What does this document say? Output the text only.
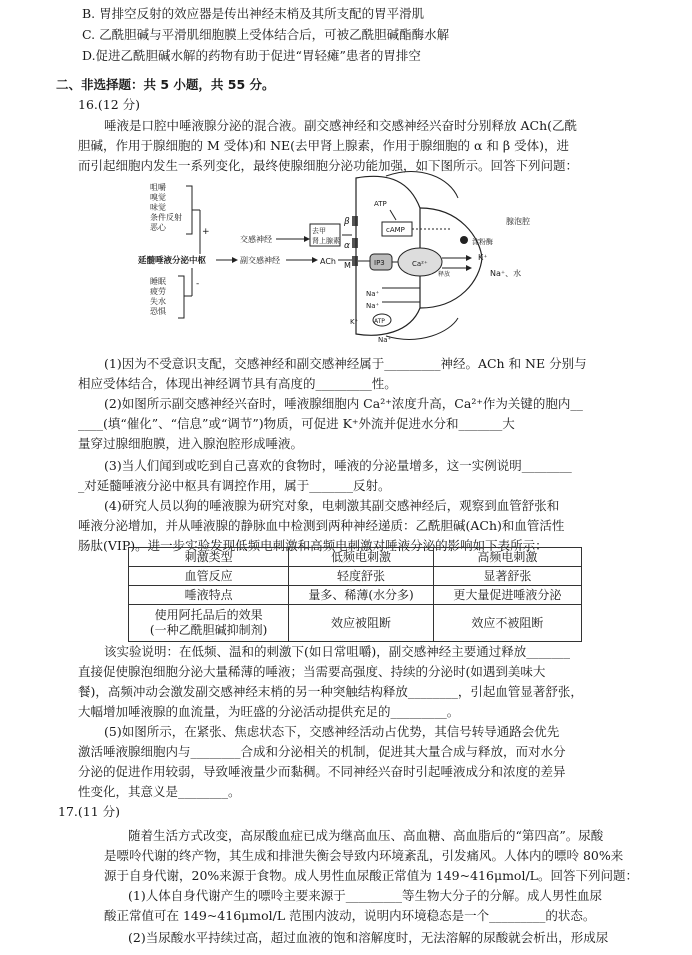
B. 胃排空反射的效应器是传出神经末梢及其所支配的胃平滑肌
C. 乙酰胆碱与平滑肌细胞膜上受体结合后，可被乙酰胆碱酯酶水解
D.促进乙酰胆碱水解的药物有助于促进“胃轻瘫”患者的胃排空
二、非选择题：共 5 小题，共 55 分。
16.(12 分)
唾液是口腔中唾液腺分泌的混合液。副交感神经和交感神经兴奋时分别释放 ACh(乙酰
胆碱，作用于腺细胞的 M 受体)和 NE(去甲肾上腺素，作用于腺细胞的 α 和 β 受体)，进
而引起细胞内发生一系列变化，最终使腺细胞分泌功能加强，如下图所示。回答下列问题：
咀嚼
嗅觉
味觉
条件反射
恶心	+
延髓唾液分泌中枢
睡眠
疲劳
失水
恐惧
-
交感神经
副交感神经
去甲
肾上腺素
ACh
β
α
M
ATP
cAMP
IP3	Ca²⁺
释放
腺泡腔
淀粉酶
K⁺
Na⁺、水
Na⁺
Na⁺
K⁺	ATP
Na⁺
(1)因为不受意识支配，交感神经和副交感神经属于_________神经。ACh 和 NE 分别与
相应受体结合，体现出神经调节具有高度的_________性。
(2)如图所示副交感神经兴奋时，唾液腺细胞内 Ca²⁺浓度升高，Ca²⁺作为关键的胞内__
____(填“催化”、“信息”或“调节”)物质，可促进 K⁺外流并促进水分和_______大
量穿过腺细胞膜，进入腺泡腔形成唾液。
(3)当人们闻到或吃到自己喜欢的食物时，唾液的分泌量增多，这一实例说明________
_对延髓唾液分泌中枢具有调控作用，属于_______反射。
(4)研究人员以狗的唾液腺为研究对象，电刺激其副交感神经后，观察到血管舒张和
唾液分泌增加，并从唾液腺的静脉血中检测到两种神经递质：乙酰胆碱(ACh)和血管活性
肠肽(VIP)。进一步实验发现低频电刺激和高频电刺激对唾液分泌的影响如下表所示：
刺激类型	低频电刺激	高频电刺激
血管反应	轻度舒张	显著舒张
唾液特点	量多、稀薄(水分多)	更大量促进唾液分泌

使用阿托品后的效果
(一种乙酰胆碱抑制剂)	效应被阻断	效应不被阻断
该实验说明：在低频、温和的刺激下(如日常咀嚼)，副交感神经主要通过释放_______
直接促使腺泡细胞分泌大量稀薄的唾液；当需要高强度、持续的分泌时(如遇到美味大
餐)，高频冲动会激发副交感神经末梢的另一种突触结构释放________，引起血管显著舒张，
大幅增加唾液腺的血流量，为旺盛的分泌活动提供充足的_________。
(5)如图所示，在紧张、焦虑状态下，交感神经活动占优势，其信号转导通路会优先
激活唾液腺细胞内与________合成和分泌相关的机制，促进其大量合成与释放，而对水分
分泌的促进作用较弱，导致唾液量少而黏稠。不同神经兴奋时引起唾液成分和浓度的差异
性变化，其意义是________。
17.(11 分)
随着生活方式改变，高尿酸血症已成为继高血压、高血糖、高血脂后的“第四高”。尿酸
是嘌呤代谢的终产物，其生成和排泄失衡会导致内环境紊乱，引发痛风。人体内的嘌呤 80%来
源于自身代谢，20%来源于食物。成人男性血尿酸正常值为 149~416μmol/L。回答下列问题：
(1)人体自身代谢产生的嘌呤主要来源于_________等生物大分子的分解。成人男性血尿
酸正常值可在 149~416μmol/L 范围内波动，说明内环境稳态是一个_________的状态。
(2)当尿酸水平持续过高，超过血液的饱和溶解度时，无法溶解的尿酸就会析出，形成尿
